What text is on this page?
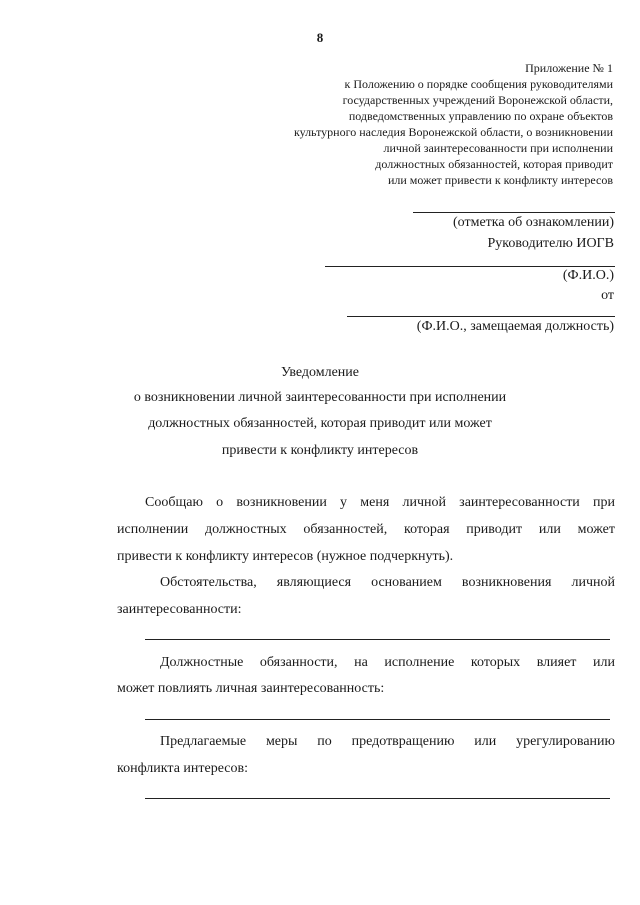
8
Приложение № 1
к Положению о порядке сообщения руководителями
государственных учреждений Воронежской области,
подведомственных управлению по охране объектов
культурного наследия Воронежской области, о возникновении
личной заинтересованности при исполнении
должностных обязанностей, которая приводит
или может привести к конфликту интересов
(отметка об ознакомлении)
Руководителю ИОГВ
(Ф.И.О.)
от
(Ф.И.О., замещаемая должность)
Уведомление
о возникновении личной заинтересованности при исполнении
должностных обязанностей, которая приводит или может
привести к конфликту интересов
Сообщаю о возникновении у меня личной заинтересованности при
исполнении должностных обязанностей, которая приводит или может
привести к конфликту интересов (нужное подчеркнуть).
Обстоятельства, являющиеся основанием возникновения личной
заинтересованности:
Должностные обязанности, на исполнение которых влияет или
может повлиять личная заинтересованность:
Предлагаемые меры по предотвращению или урегулированию
конфликта интересов:
